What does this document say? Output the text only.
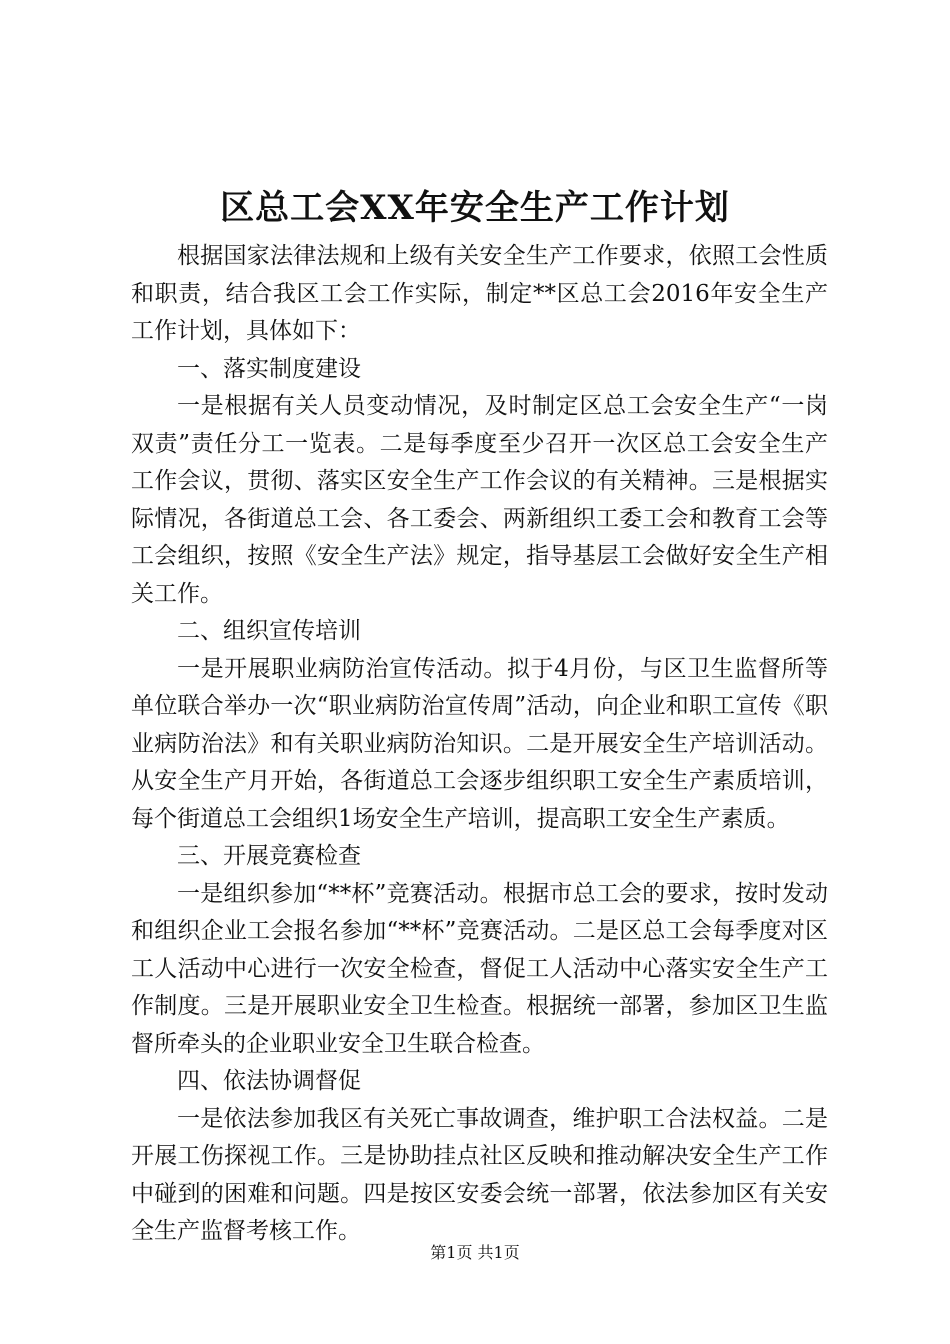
区总工会XX年安全生产工作计划

根据国家法律法规和上级有关安全生产工作要求，依照工会性质和职责，结合我区工会工作实际，制定**区总工会2016年安全生产工作计划，具体如下：

一、落实制度建设

一是根据有关人员变动情况，及时制定区总工会安全生产“一岗双责”责任分工一览表。二是每季度至少召开一次区总工会安全生产工作会议，贯彻、落实区安全生产工作会议的有关精神。三是根据实际情况，各街道总工会、各工委会、两新组织工委工会和教育工会等工会组织，按照《安全生产法》规定，指导基层工会做好安全生产相关工作。

二、组织宣传培训

一是开展职业病防治宣传活动。拟于4月份，与区卫生监督所等单位联合举办一次“职业病防治宣传周”活动，向企业和职工宣传《职业病防治法》和有关职业病防治知识。二是开展安全生产培训活动。从安全生产月开始，各街道总工会逐步组织职工安全生产素质培训，每个街道总工会组织1场安全生产培训，提高职工安全生产素质。

三、开展竞赛检查

一是组织参加“**杯”竞赛活动。根据市总工会的要求，按时发动和组织企业工会报名参加“**杯”竞赛活动。二是区总工会每季度对区工人活动中心进行一次安全检查，督促工人活动中心落实安全生产工作制度。三是开展职业安全卫生检查。根据统一部署，参加区卫生监督所牵头的企业职业安全卫生联合检查。

四、依法协调督促

一是依法参加我区有关死亡事故调查，维护职工合法权益。二是开展工伤探视工作。三是协助挂点社区反映和推动解决安全生产工作中碰到的困难和问题。四是按区安委会统一部署，依法参加区有关安全生产监督考核工作。

第1页 共1页
